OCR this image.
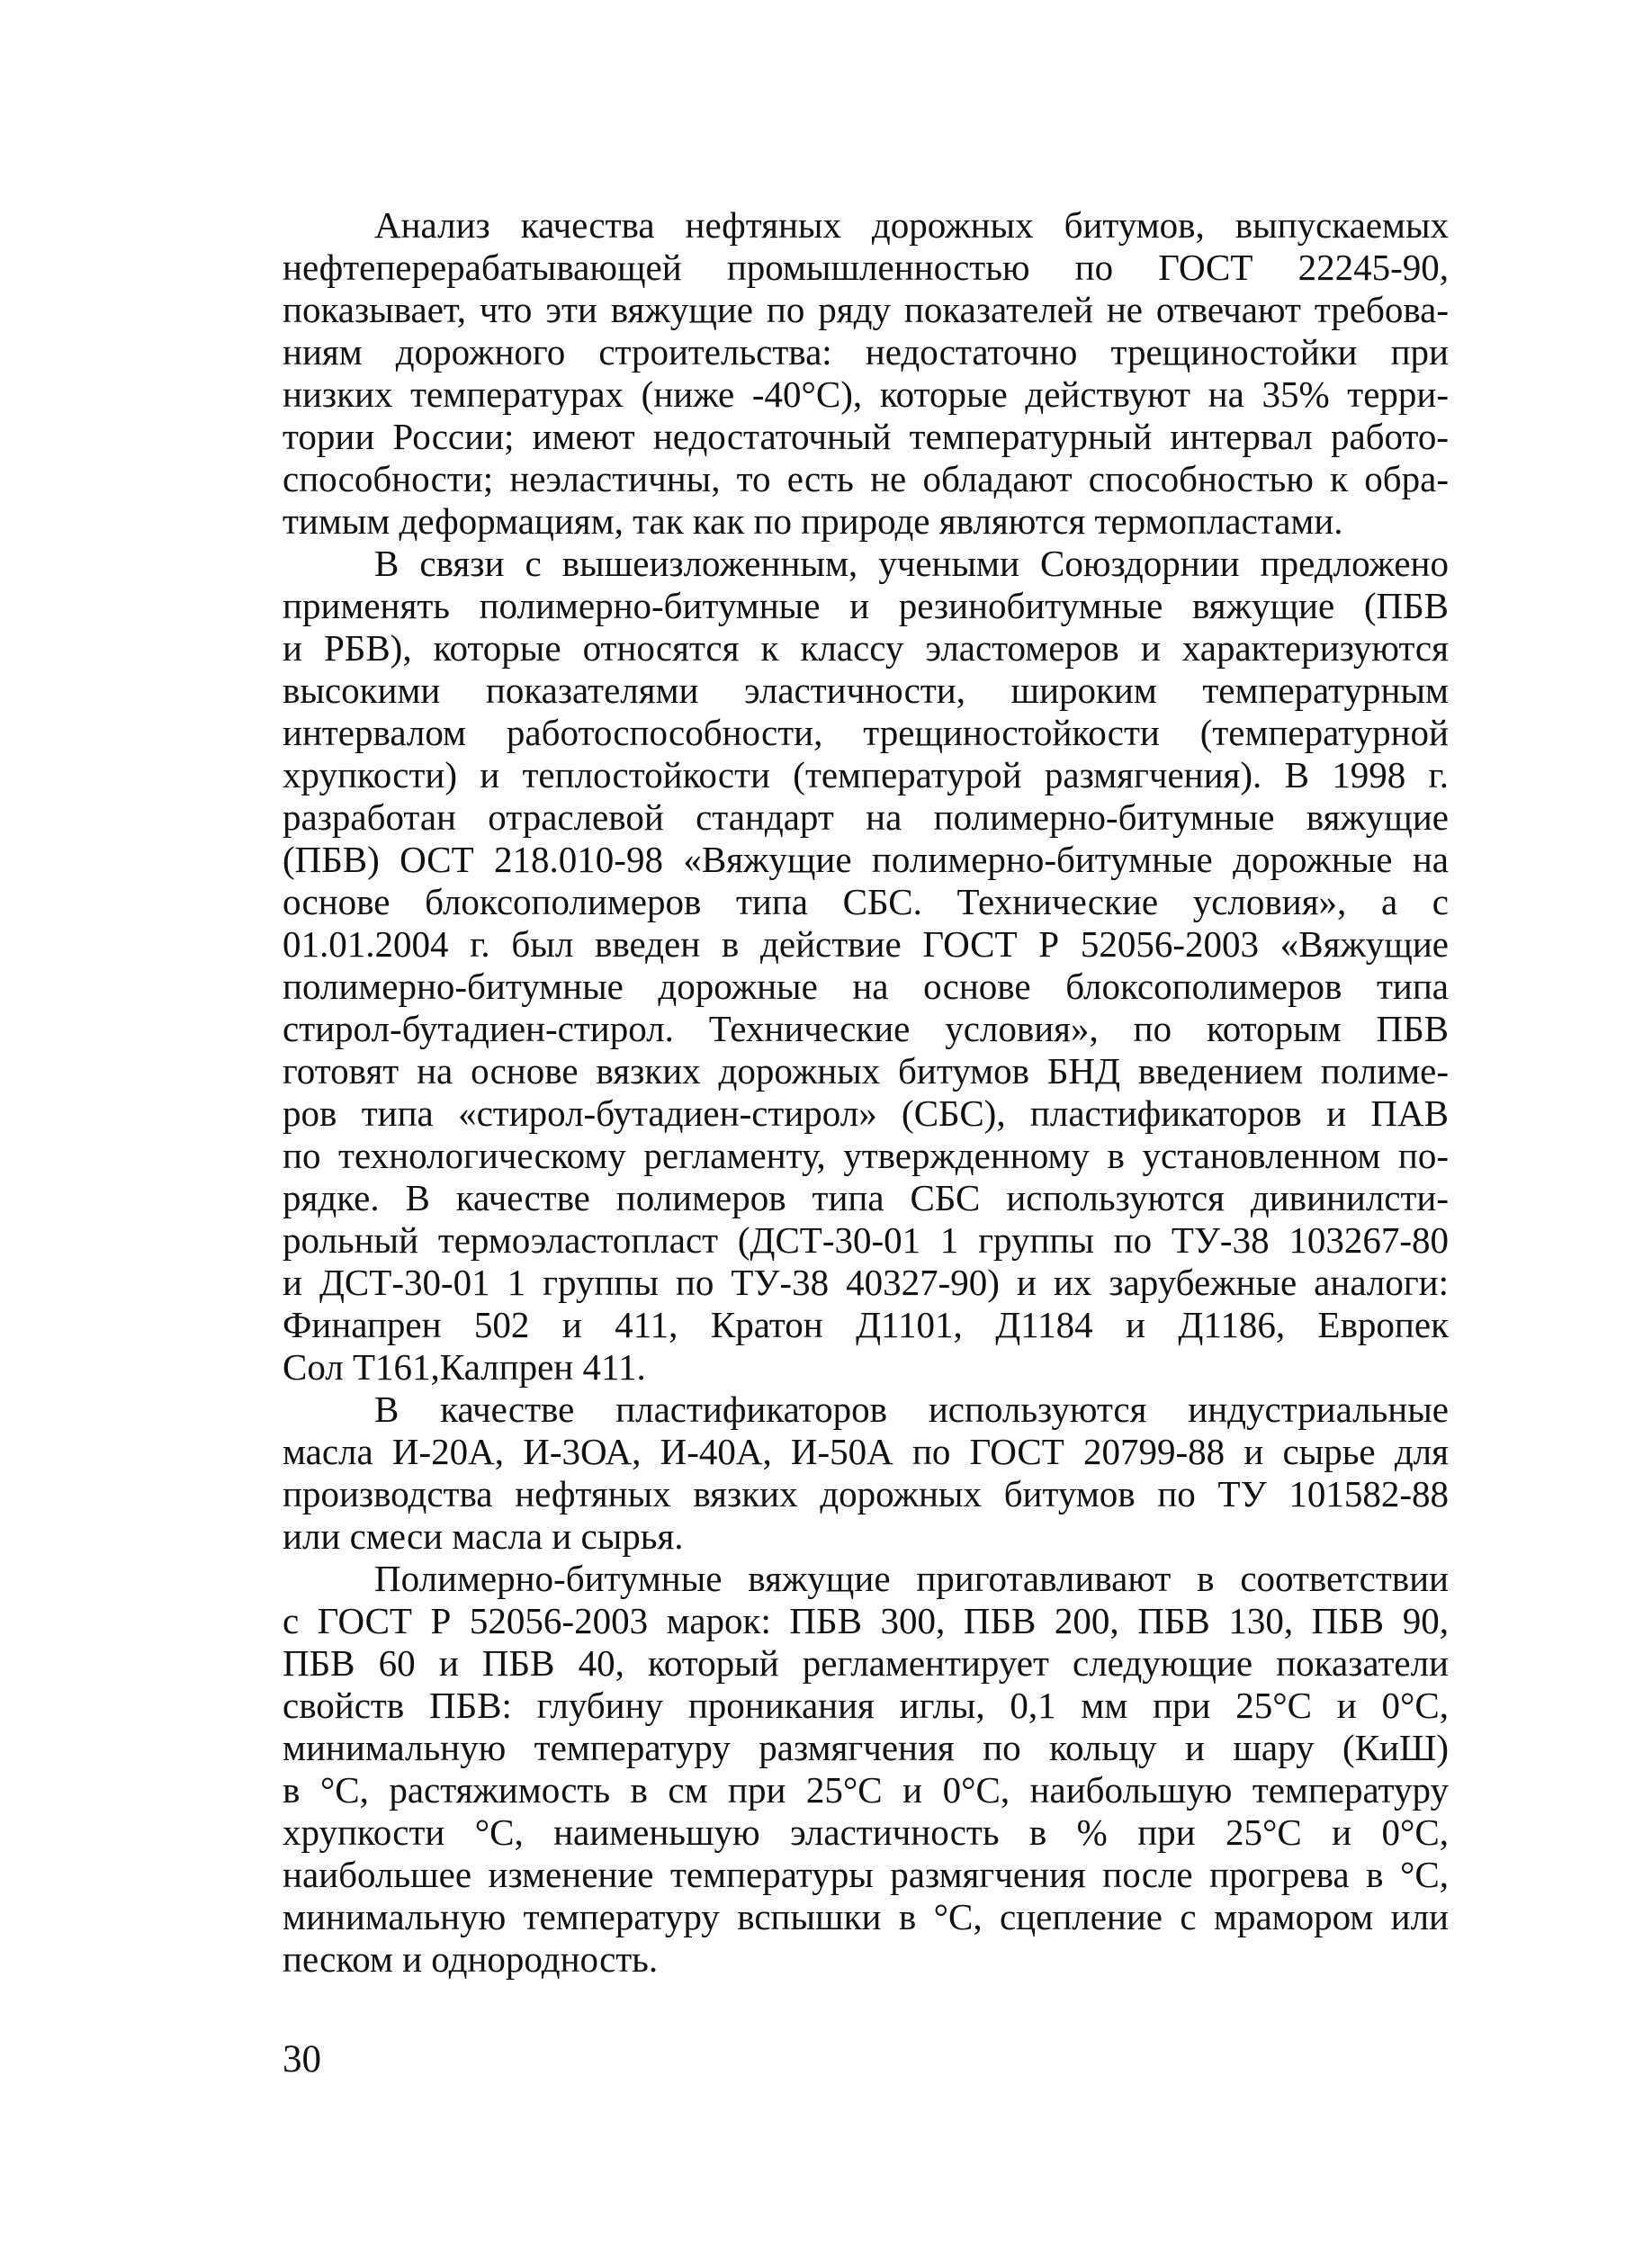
Анализ качества нефтяных дорожных битумов, выпускаемых
нефтеперерабатывающей промышленностью по ГОСТ 22245-90,
показывает, что эти вяжущие по ряду показателей не отвечают требова-
ниям дорожного строительства: недостаточно трещиностойки при
низких температурах (ниже -40°С), которые действуют на 35% терри-
тории России; имеют недостаточный температурный интервал работо-
способности; неэластичны, то есть не обладают способностью к обра-
тимым деформациям, так как по природе являются термопластами.

В связи с вышеизложенным, учеными Союздорнии предложено
применять полимерно-битумные и резинобитумные вяжущие (ПБВ
и РБВ), которые относятся к классу эластомеров и характеризуются
высокими показателями эластичности, широким температурным
интервалом работоспособности, трещиностойкости (температурной
хрупкости) и теплостойкости (температурой размягчения). В 1998 г.
разработан отраслевой стандарт на полимерно-битумные вяжущие
(ПБВ) ОСТ 218.010-98 «Вяжущие полимерно-битумные дорожные на
основе блоксополимеров типа СБС. Технические условия», а с
01.01.2004 г. был введен в действие ГОСТ Р 52056-2003 «Вяжущие
полимерно-битумные дорожные на основе блоксополимеров типа
стирол-бутадиен-стирол. Технические условия», по которым ПБВ
готовят на основе вязких дорожных битумов БНД введением полиме-
ров типа «стирол-бутадиен-стирол» (СБС), пластификаторов и ПАВ
по технологическому регламенту, утвержденному в установленном по-
рядке. В качестве полимеров типа СБС используются дивинилсти-
рольный термоэластопласт (ДСТ-30-01 1 группы по ТУ-38 103267-80
и ДСТ-30-01 1 группы по ТУ-38 40327-90) и их зарубежные аналоги:
Финапрен 502 и 411, Кратон Д1101, Д1184 и Д1186, Европек
Сол Т161,Калпрен 411.

В качестве пластификаторов используются индустриальные
масла И-20А, И-3ОА, И-40А, И-50А по ГОСТ 20799-88 и сырье для
производства нефтяных вязких дорожных битумов по ТУ 101582-88
или смеси масла и сырья.

Полимерно-битумные вяжущие приготавливают в соответствии
с ГОСТ Р 52056-2003 марок: ПБВ 300, ПБВ 200, ПБВ 130, ПБВ 90,
ПБВ 60 и ПБВ 40, который регламентирует следующие показатели
свойств ПБВ: глубину проникания иглы, 0,1 мм при 25°С и 0°С,
минимальную температуру размягчения по кольцу и шару (КиШ)
в °С, растяжимость в см при 25°С и 0°С, наибольшую температуру
хрупкости °С, наименьшую эластичность в % при 25°С и 0°С,
наибольшее изменение температуры размягчения после прогрева в °С,
минимальную температуру вспышки в °С, сцепление с мрамором или
песком и однородность.

30
